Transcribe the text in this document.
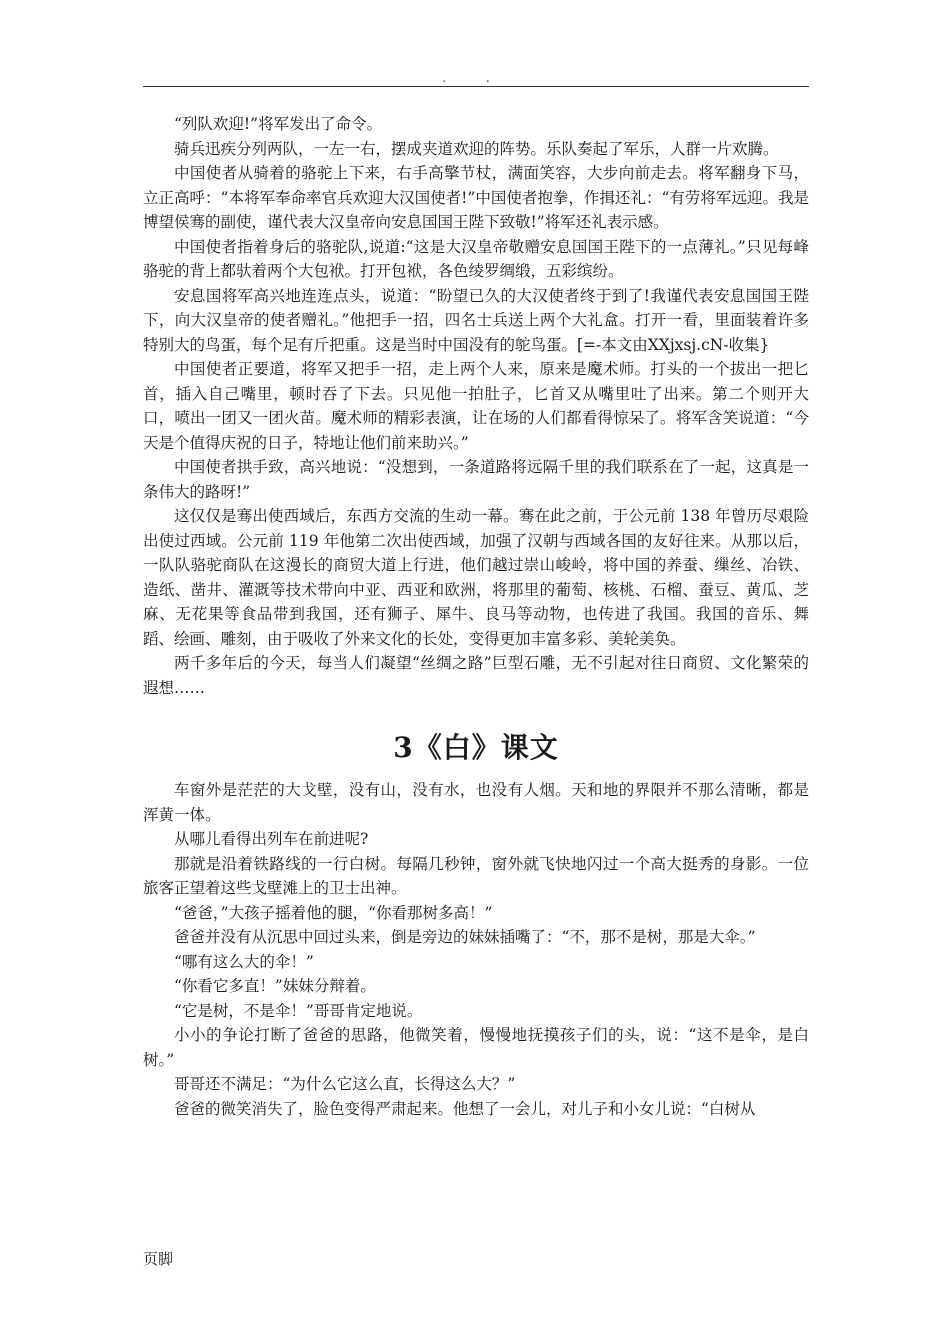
. .

“列队欢迎!”将军发出了命令。

骑兵迅疾分列两队，一左一右，摆成夹道欢迎的阵势。乐队奏起了军乐，人群一片欢腾。

中国使者从骑着的骆驼上下来，右手高擎节杖，满面笑容，大步向前走去。将军翻身下马，立正高呼：“本将军奉命率官兵欢迎大汉国使者!”中国使者抱拳，作揖还礼：“有劳将军远迎。我是博望侯骞的副使，谨代表大汉皇帝向安息国国王陛下致敬!”将军还礼表示感。

中国使者指着身后的骆驼队,说道:“这是大汉皇帝敬赠安息国国王陛下的一点薄礼。”只见每峰骆驼的背上都驮着两个大包袱。打开包袱，各色绫罗绸缎，五彩缤纷。

安息国将军高兴地连连点头，说道：“盼望已久的大汉使者终于到了!我谨代表安息国国王陛下，向大汉皇帝的使者赠礼。”他把手一招，四名士兵送上两个大礼盒。打开一看，里面装着许多特别大的鸟蛋，每个足有斤把重。这是当时中国没有的鸵鸟蛋。[=-本文由XXjxsj.cN-收集}

中国使者正要道，将军又把手一招，走上两个人来，原来是魔术师。打头的一个拔出一把匕首，插入自己嘴里，顿时吞了下去。只见他一拍肚子，匕首又从嘴里吐了出来。第二个则开大口，喷出一团又一团火苗。魔术师的精彩表演，让在场的人们都看得惊呆了。将军含笑说道：“今天是个值得庆祝的日子，特地让他们前来助兴。”

中国使者拱手致，高兴地说：“没想到，一条道路将远隔千里的我们联系在了一起，这真是一条伟大的路呀!”

这仅仅是骞出使西域后，东西方交流的生动一幕。骞在此之前，于公元前 138 年曾历尽艰险出使过西域。公元前 119 年他第二次出使西域，加强了汉朝与西域各国的友好往来。从那以后，一队队骆驼商队在这漫长的商贸大道上行进，他们越过崇山峻岭，将中国的养蚕、缫丝、冶铁、造纸、凿井、灌溉等技术带向中亚、西亚和欧洲，将那里的葡萄、核桃、石榴、蚕豆、黄瓜、芝麻、无花果等食品带到我国，还有狮子、犀牛、良马等动物，也传进了我国。我国的音乐、舞蹈、绘画、雕刻，由于吸收了外来文化的长处，变得更加丰富多彩、美轮美奂。

两千多年后的今天，每当人们凝望“丝绸之路”巨型石雕，无不引起对往日商贸、文化繁荣的遐想……

3《白》课文

车窗外是茫茫的大戈壁，没有山，没有水，也没有人烟。天和地的界限并不那么清晰，都是浑黄一体。

从哪儿看得出列车在前进呢?

那就是沿着铁路线的一行白树。每隔几秒钟，窗外就飞快地闪过一个高大挺秀的身影。一位旅客正望着这些戈壁滩上的卫士出神。

“爸爸，”大孩子摇着他的腿，“你看那树多高！”

爸爸并没有从沉思中回过头来，倒是旁边的妹妹插嘴了：“不，那不是树，那是大伞。”

“哪有这么大的伞！”

“你看它多直！”妹妹分辩着。

“它是树，不是伞！”哥哥肯定地说。

小小的争论打断了爸爸的思路，他微笑着，慢慢地抚摸孩子们的头，说：“这不是伞，是白树。”

哥哥还不满足：“为什么它这么直，长得这么大？”

爸爸的微笑消失了，脸色变得严肃起来。他想了一会儿，对儿子和小女儿说：“白树从

页脚
